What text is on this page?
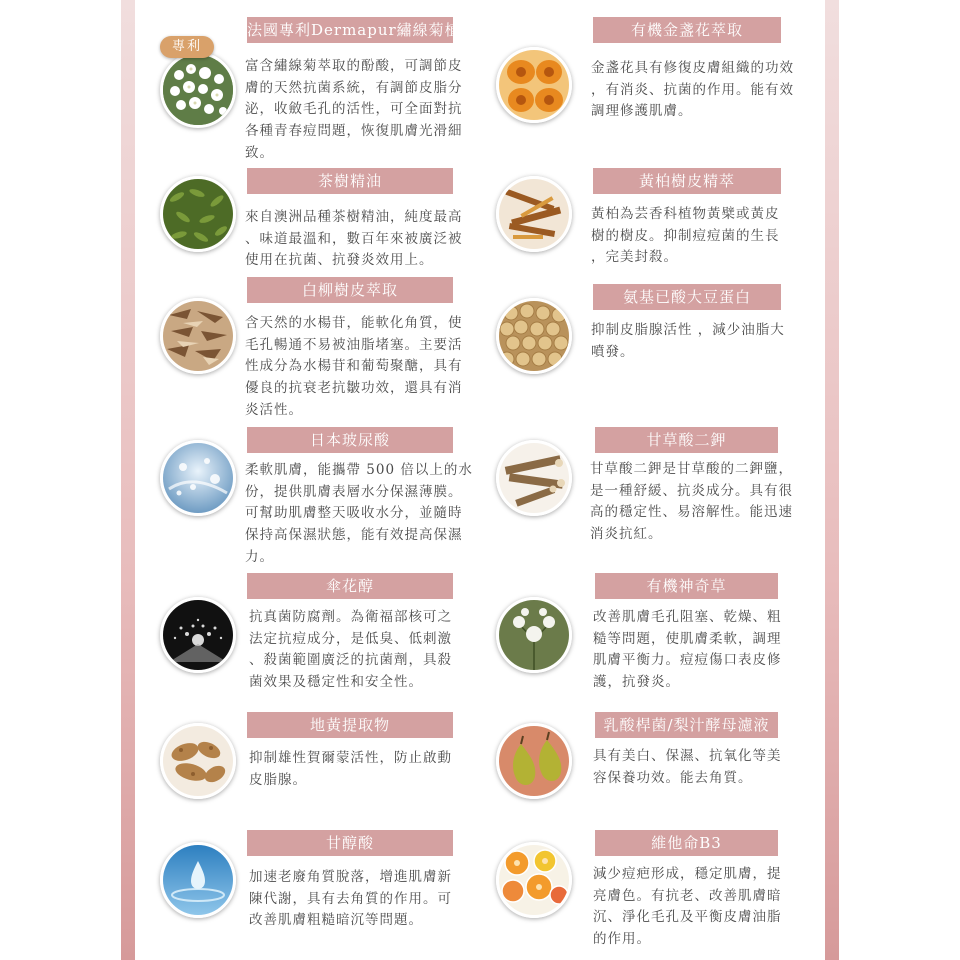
專利
法國專利Dermapur繡線菊植萃
富含繡線菊萃取的酚酸，可調節皮
膚的天然抗菌系統，有調節皮脂分
泌，收斂毛孔的活性，可全面對抗
各種青春痘問題，恢復肌膚光滑細
致。
有機金盞花萃取
金盞花具有修復皮膚組織的功效
，有消炎、抗菌的作用。能有效
調理修護肌膚。
茶樹精油
來自澳洲品種茶樹精油，純度最高
、味道最溫和，數百年來被廣泛被
使用在抗菌、抗發炎效用上。
黃柏樹皮精萃
黃柏為芸香科植物黃檗或黃皮
樹的樹皮。抑制痘痘菌的生長
，完美封殺。
白柳樹皮萃取
含天然的水楊苷，能軟化角質，使
毛孔暢通不易被油脂堵塞。主要活
性成分為水楊苷和葡萄聚醣，具有
優良的抗衰老抗皺功效，還具有消
炎活性。
氨基已酸大豆蛋白
抑制皮脂腺活性 ，減少油脂大
噴發。
日本玻尿酸
柔軟肌膚，能攜帶 500 倍以上的水
份，提供肌膚表層水分保濕薄膜。
可幫助肌膚整天吸收水分，並隨時
保持高保濕狀態，能有效提高保濕
力。
甘草酸二鉀
甘草酸二鉀是甘草酸的二鉀鹽，
是一種舒緩、抗炎成分。具有很
高的穩定性、易溶解性。能迅速
消炎抗紅。
傘花醇
抗真菌防腐劑。為衛福部核可之
法定抗痘成分，是低臭、低刺激
、殺菌範圍廣泛的抗菌劑，具殺
菌效果及穩定性和安全性。
有機神奇草
改善肌膚毛孔阻塞、乾燥、粗
糙等問題，使肌膚柔軟，調理
肌膚平衡力。痘痘傷口表皮修
護，抗發炎。
地黃提取物
抑制雄性賀爾蒙活性，防止啟動
皮脂腺。
乳酸桿菌/梨汁酵母濾液
具有美白、保濕、抗氧化等美
容保養功效。能去角質。
甘醇酸
加速老廢角質脫落，增進肌膚新
陳代謝，具有去角質的作用。可
改善肌膚粗糙暗沉等問題。
維他命B3
減少痘疤形成，穩定肌膚，提
亮膚色。有抗老、改善肌膚暗
沉、淨化毛孔及平衡皮膚油脂
的作用。
